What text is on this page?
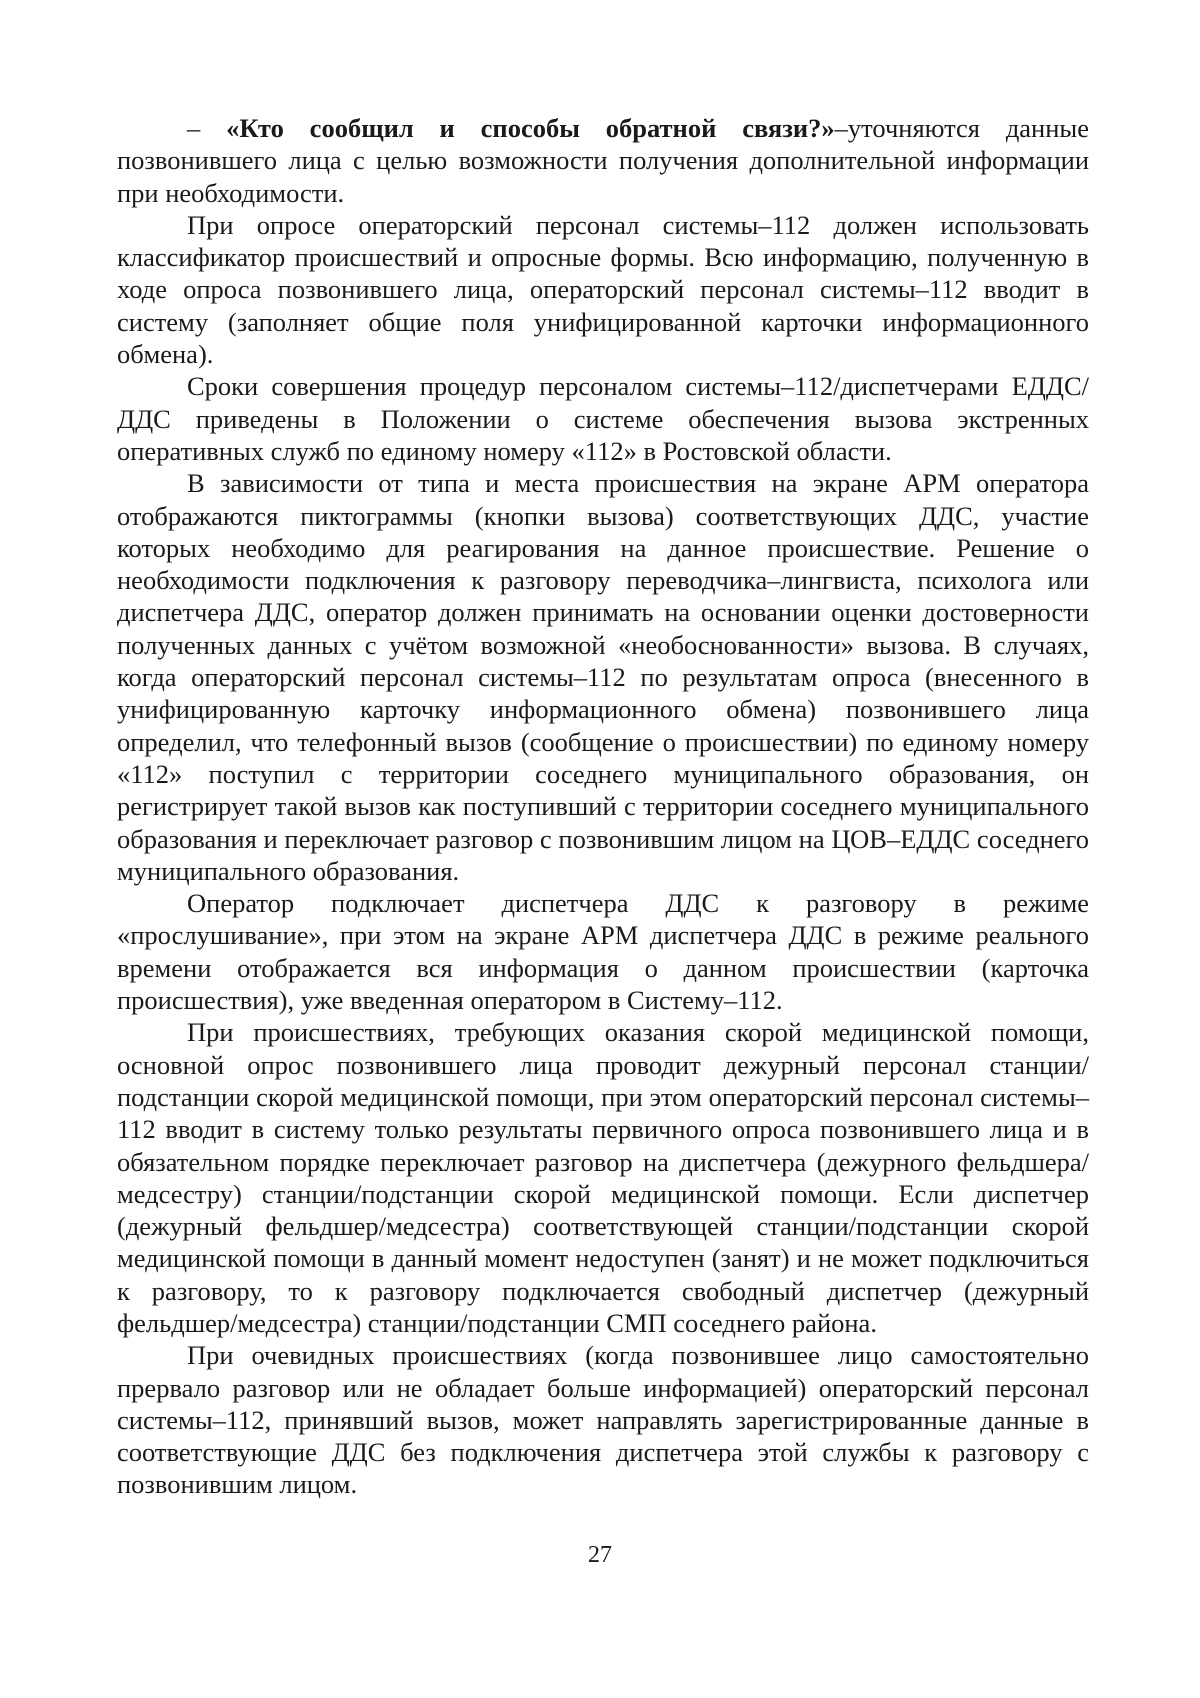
– «Кто сообщил и способы обратной связи?»–уточняются данные позвонившего лица с целью возможности получения дополнительной информации при необходимости.

При опросе операторский персонал системы–112 должен использовать классификатор происшествий и опросные формы. Всю информацию, полученную в ходе опроса позвонившего лица, операторский персонал системы–112 вводит в систему (заполняет общие поля унифицированной карточки информационного обмена).

Сроки совершения процедур персоналом системы–112/диспетчерами ЕДДС/ДДС приведены в Положении о системе обеспечения вызова экстренных оперативных служб по единому номеру «112» в Ростовской области.

В зависимости от типа и места происшествия на экране АРМ оператора отображаются пиктограммы (кнопки вызова) соответствующих ДДС, участие которых необходимо для реагирования на данное происшествие. Решение о необходимости подключения к разговору переводчика–лингвиста, психолога или диспетчера ДДС, оператор должен принимать на основании оценки достоверности полученных данных с учётом возможной «необоснованности» вызова. В случаях, когда операторский персонал системы–112 по результатам опроса (внесенного в унифицированную карточку информационного обмена) позвонившего лица определил, что телефонный вызов (сообщение о происшествии) по единому номеру «112» поступил с территории соседнего муниципального образования, он регистрирует такой вызов как поступивший с территории соседнего муниципального образования и переключает разговор с позвонившим лицом на ЦОВ–ЕДДС соседнего муниципального образования.

Оператор подключает диспетчера ДДС к разговору в режиме «прослушивание», при этом на экране АРМ диспетчера ДДС в режиме реального времени отображается вся информация о данном происшествии (карточка происшествия), уже введенная оператором в Систему–112.

При происшествиях, требующих оказания скорой медицинской помощи, основной опрос позвонившего лица проводит дежурный персонал станции/подстанции скорой медицинской помощи, при этом операторский персонал системы–112 вводит в систему только результаты первичного опроса позвонившего лица и в обязательном порядке переключает разговор на диспетчера (дежурного фельдшера/медсестру) станции/подстанции скорой медицинской помощи. Если диспетчер (дежурный фельдшер/медсестра) соответствующей станции/подстанции скорой медицинской помощи в данный момент недоступен (занят) и не может подключиться к разговору, то к разговору подключается свободный диспетчер (дежурный фельдшер/медсестра) станции/подстанции СМП соседнего района.

При очевидных происшествиях (когда позвонившее лицо самостоятельно прервало разговор или не обладает больше информацией) операторский персонал системы–112, принявший вызов, может направлять зарегистрированные данные в соответствующие ДДС без подключения диспетчера этой службы к разговору с позвонившим лицом.

27
